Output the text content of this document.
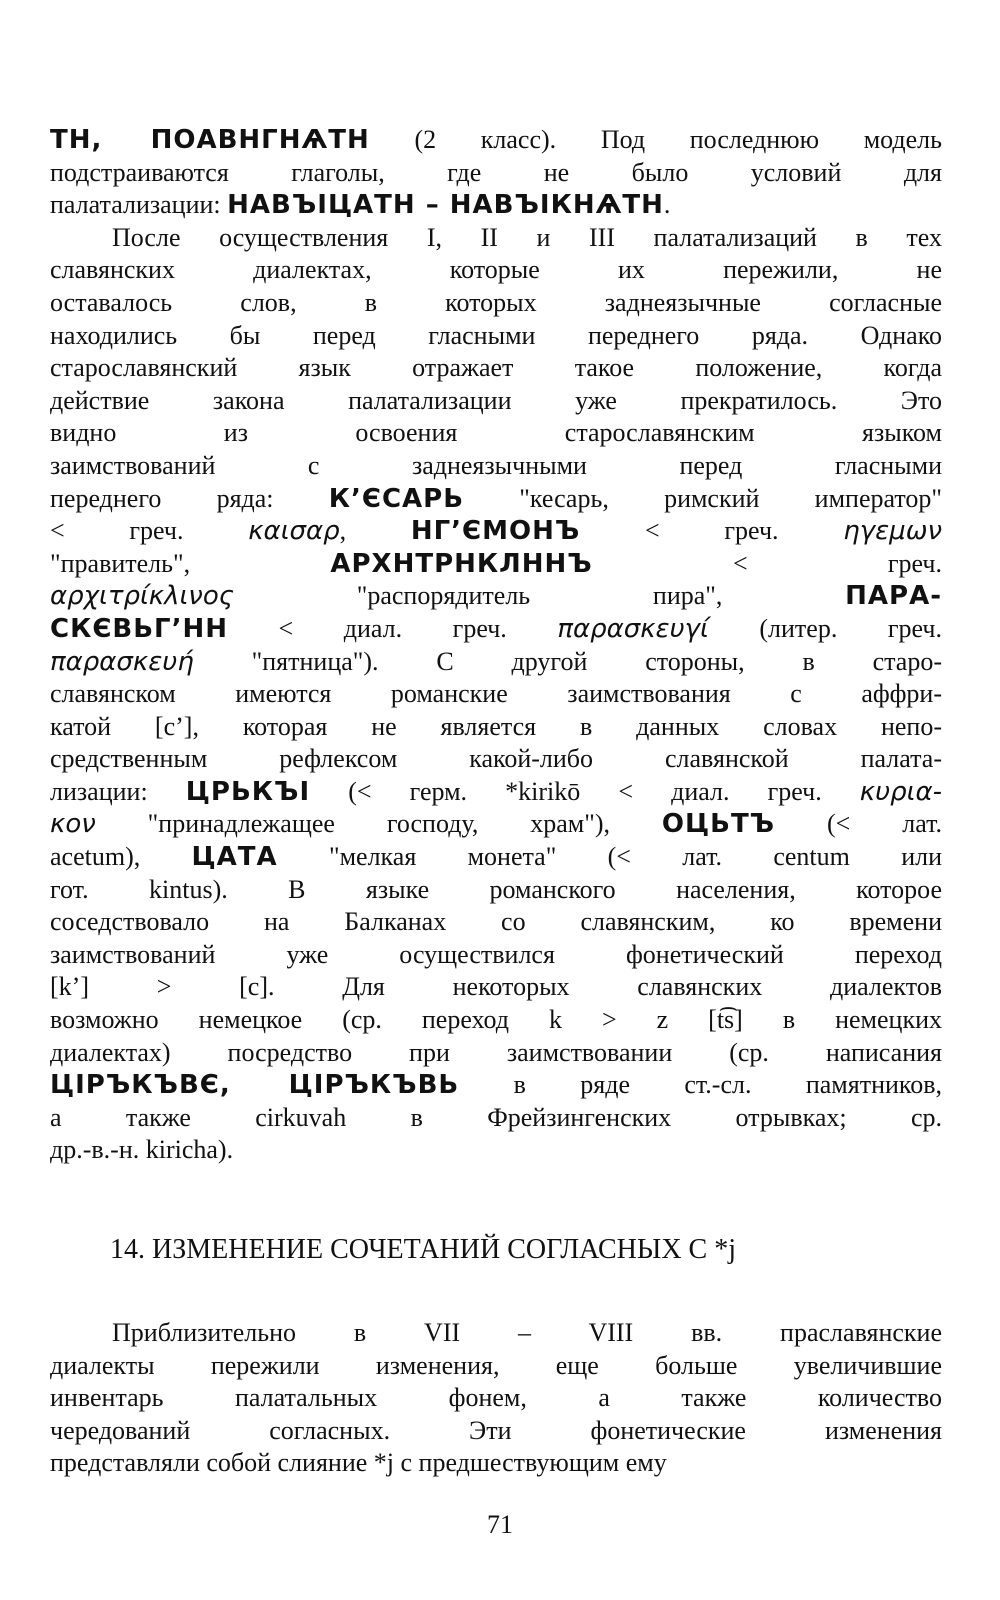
ТН, ПОАВНГНѦТН (2 класс). Под последнюю модель

подстраиваются глаголы, где не было условий для

палатализации: НАВЪІЦАТН – НАВЪІКНѦТН.

После осуществления I, II и III палатализаций в тех

славянских диалектах, которые их пережили, не

оставалось слов, в которых заднеязычные согласные

находились бы перед гласными переднего ряда. Однако

старославянский язык отражает такое положение, когда

действие закона палатализации уже прекратилось. Это

видно из освоения старославянским языком

заимствований с заднеязычными перед гласными

переднего ряда: К’ЄСАРЬ "кесарь, римский император"

< греч. καισαρ, НГ’ЄМОНЪ < греч. ηγεμων

"правитель", АРХНТРНКЛННЪ < греч.

αρχιτρίκλινος "распорядитель пира", ПАРА-

СКЄВЬГ’НН < диал. греч. παρασκευγί (литер. греч.

παρασκευή "пятница"). С другой стороны, в старо-

славянском имеются романские заимствования с аффри-

катой [c’], которая не является в данных словах непо-

средственным рефлексом какой-либо славянской палата-

лизации: ЦРЬКЪІ (< герм. *kirikō < диал. греч. κυρια-

κον "принадлежащее господу, храм"), ОЦЬТЪ (< лат.

acetum), ЦАТА "мелкая монета" (< лат. centum или

гот. kintus). В языке романского населения, которое

соседствовало на Балканах со славянским, ко времени

заимствований уже осуществился фонетический переход

[k’] > [c]. Для некоторых славянских диалектов

возможно немецкое (ср. переход k > z [t͡s] в немецких

диалектах) посредство при заимствовании (ср. написания

ЦІРЪКЪВЄ, ЦІРЪКЪВЬ в ряде ст.-сл. памятников,

а также cirkuvah в Фрейзингенских отрывках; ср.

др.-в.-н. kiricha).

14. ИЗМЕНЕНИЕ СОЧЕТАНИЙ СОГЛАСНЫХ С *j

Приблизительно в VII – VIII вв. праславянские

диалекты пережили изменения, еще больше увеличившие

инвентарь палатальных фонем, а также количество

чередований согласных. Эти фонетические изменения

представляли собой слияние *j с предшествующим ему

71
